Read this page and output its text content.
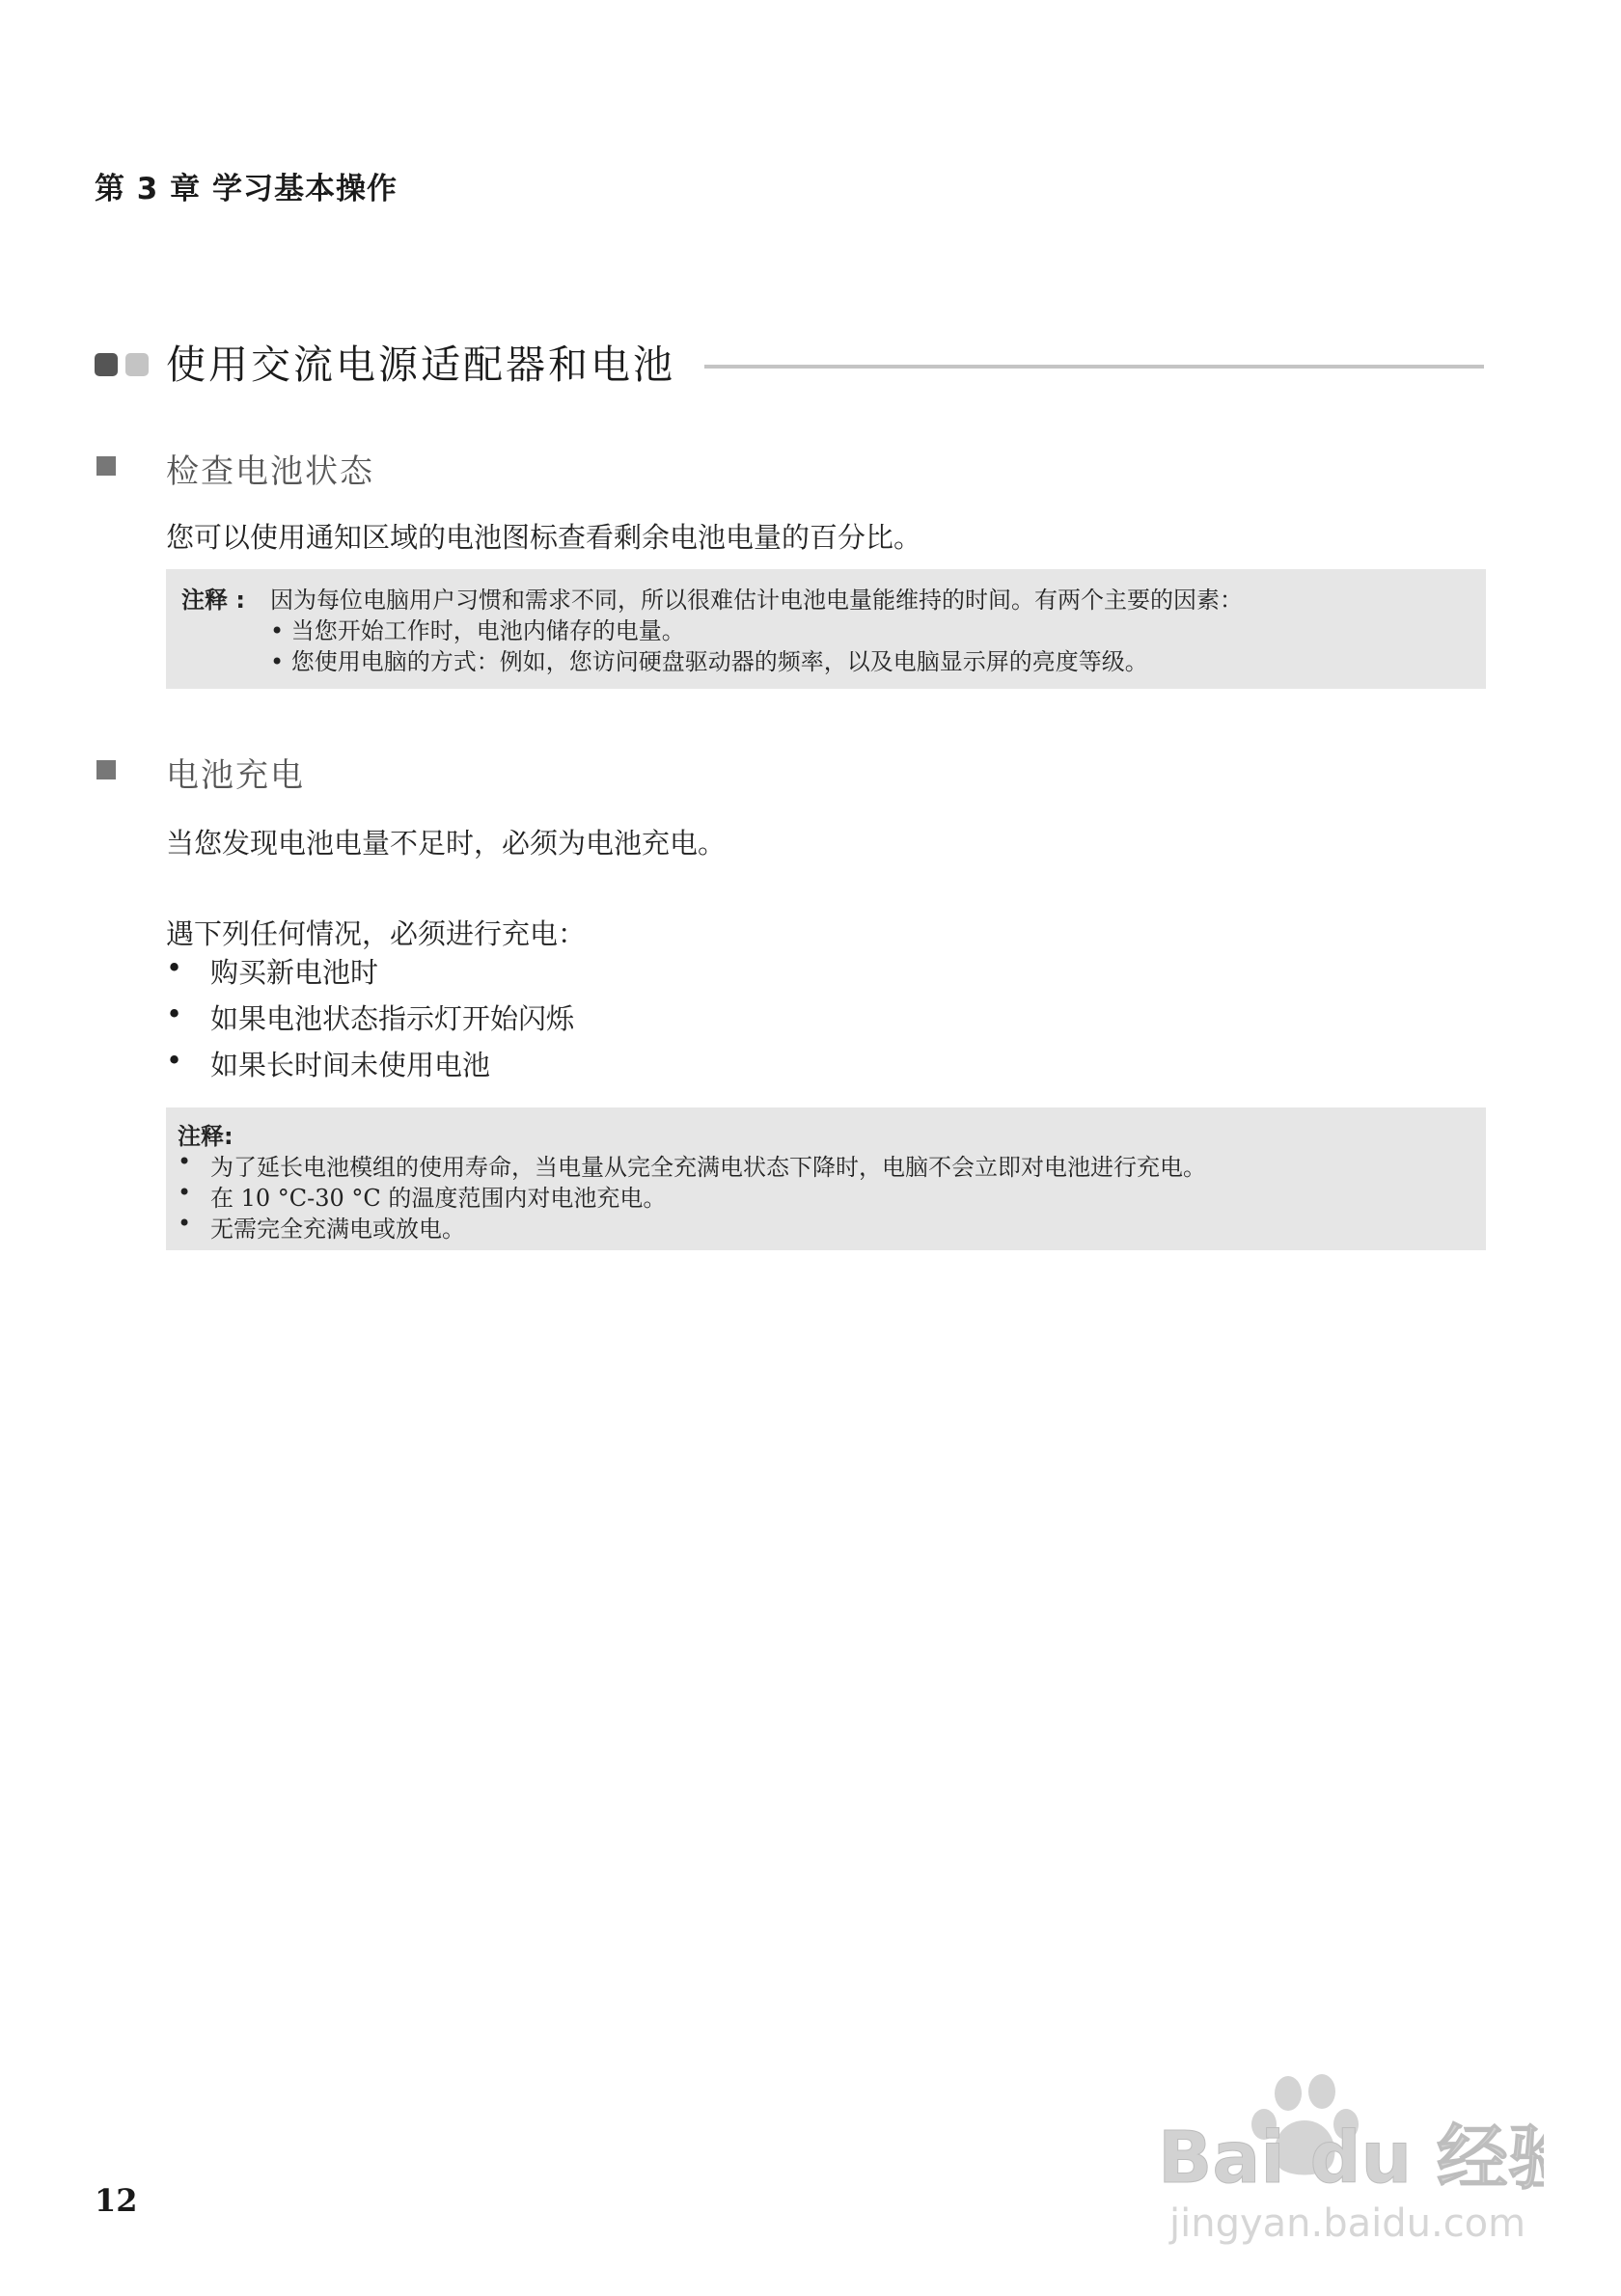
第 3 章 学习基本操作
使用交流电源适配器和电池
检查电池状态
您可以使用通知区域的电池图标查看剩余电池电量的百分比。
注释 : 因为每位电脑用户习惯和需求不同，所以很难估计电池电量能维持的时间。有两个主要的因素：
• 当您开始工作时，电池内储存的电量。
• 您使用电脑的方式：例如，您访问硬盘驱动器的频率，以及电脑显示屏的亮度等级。
电池充电
当您发现电池电量不足时，必须为电池充电。
遇下列任何情况，必须进行充电：
• 购买新电池时
• 如果电池状态指示灯开始闪烁
• 如果长时间未使用电池
注释:
• 为了延长电池模组的使用寿命，当电量从完全充满电状态下降时，电脑不会立即对电池进行充电。
• 在 10 °C-30 °C 的温度范围内对电池充电。
• 无需完全充满电或放电。
12
Bai du 经验
jingyan.baidu.com
